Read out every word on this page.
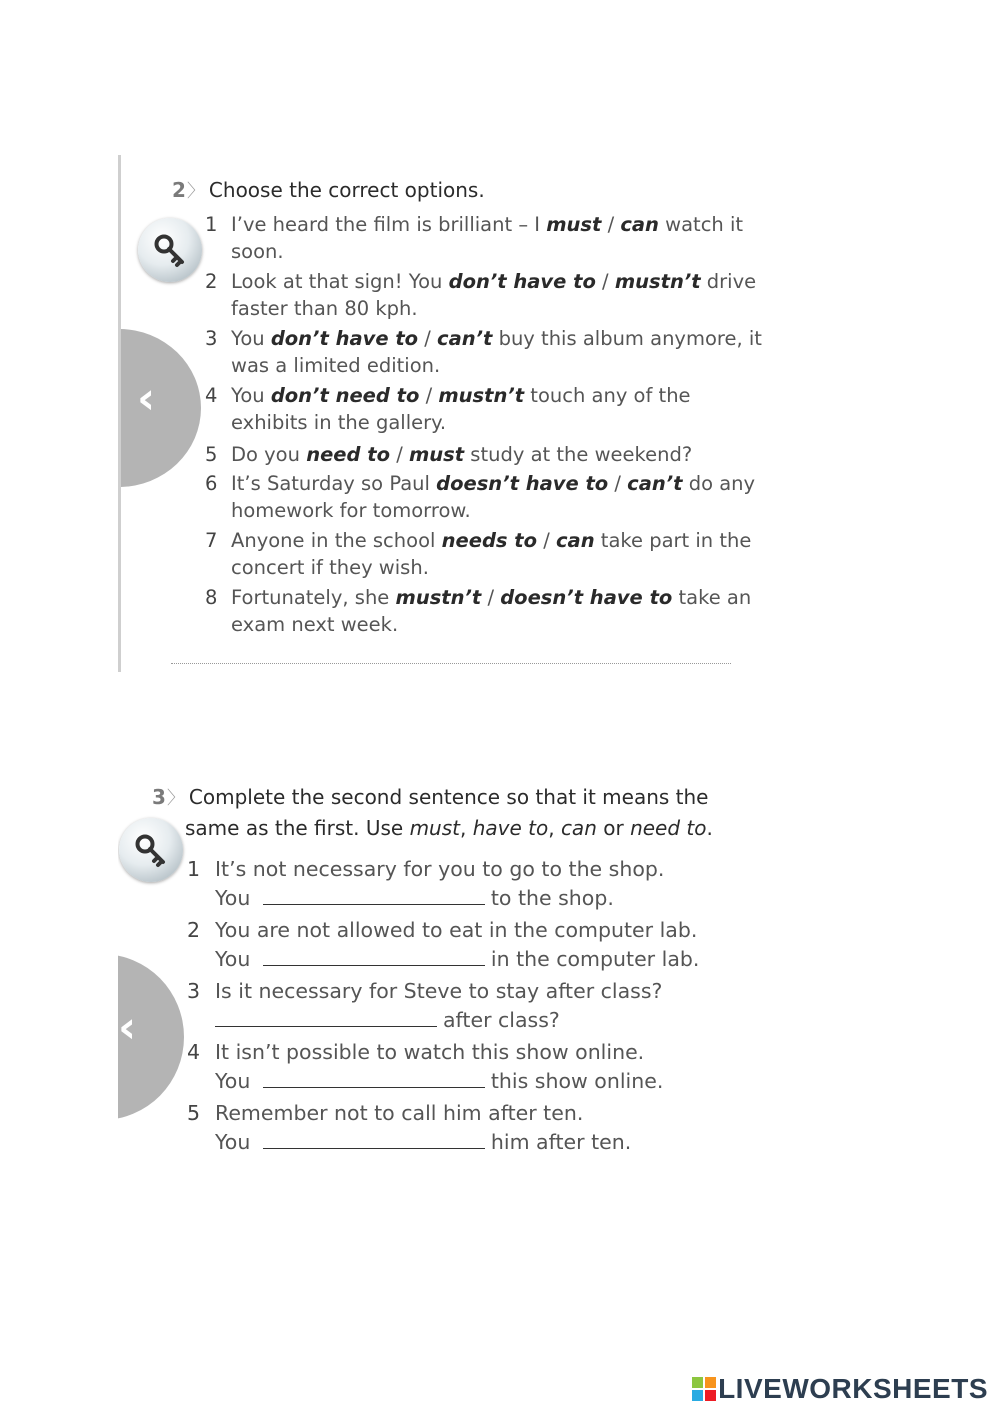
‹
2〉 Choose the correct options.
1 I’ve heard the film is brilliant – I must / can watch it soon.
2 Look at that sign! You don’t have to / mustn’t drive faster than 80 kph.
3 You don’t have to / can’t buy this album anymore, it was a limited edition.
4 You don’t need to / mustn’t touch any of the exhibits in the gallery.
5 Do you need to / must study at the weekend?
6 It’s Saturday so Paul doesn’t have to / can’t do any homework for tomorrow.
7 Anyone in the school needs to / can take part in the concert if they wish.
8 Fortunately, she mustn’t / doesn’t have to take an exam next week.
‹
3〉 Complete the second sentence so that it means the
same as the first. Use must, have to, can or need to.
1 It’s not necessary for you to go to the shop.
You	to the shop.
2 You are not allowed to eat in the computer lab.
You	in the computer lab.
3 Is it necessary for Steve to stay after class?
after class?
4 It isn’t possible to watch this show online.
You	this show online.
5 Remember not to call him after ten.
You	him after ten.
LIVEWORKSHEETS
